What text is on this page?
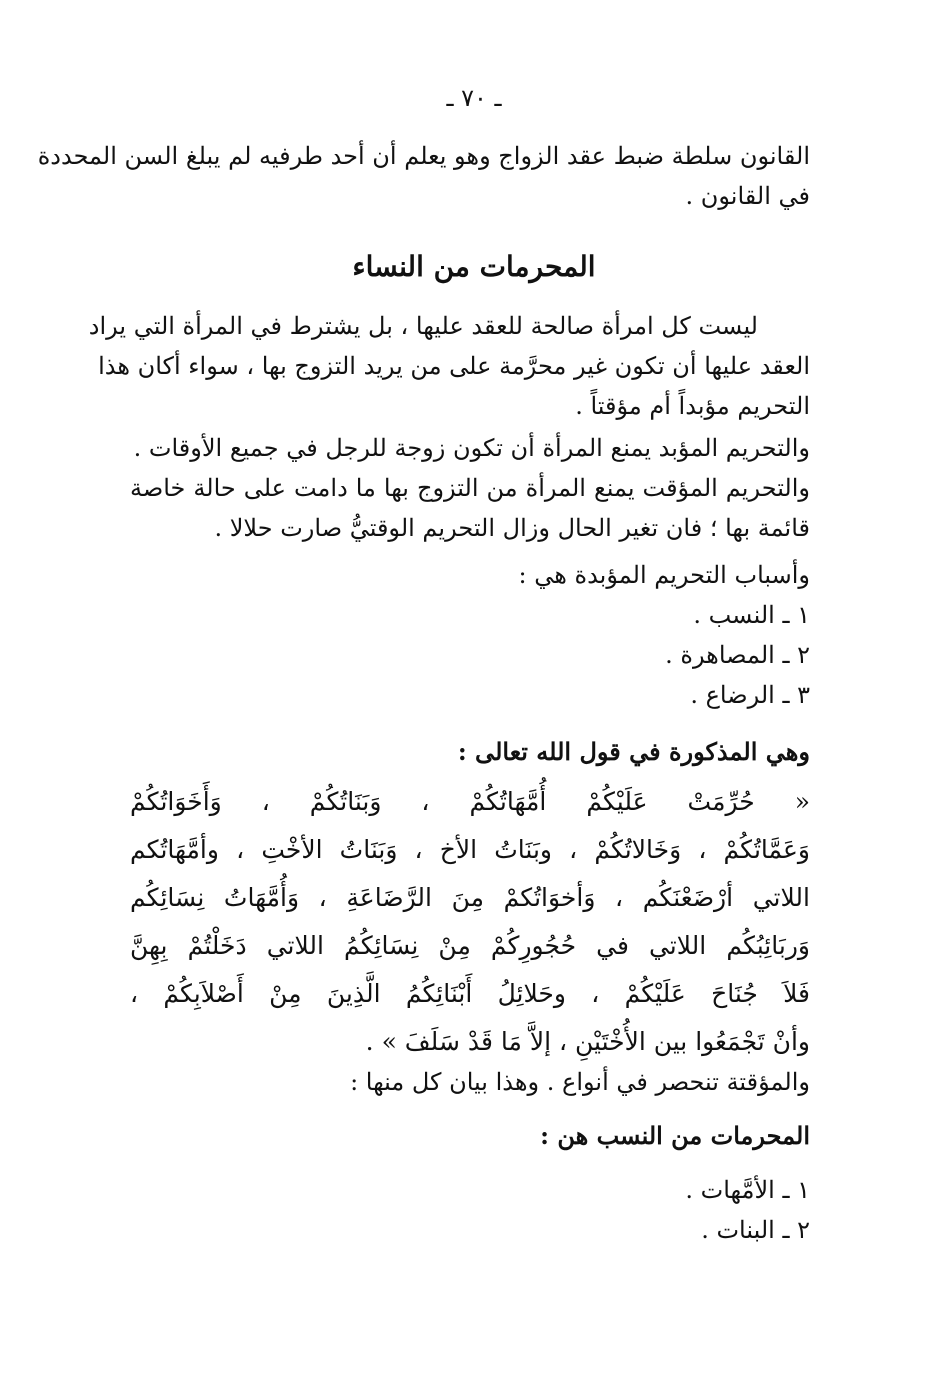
ـ ٧٠ ـ
القانون سلطة ضبط عقد الزواج وهو يعلم أن أحد طرفيه لم يبلغ السن المحددة
في القانون .
المحرمات من النساء
ليست كل امرأة صالحة للعقد عليها ، بل يشترط في المرأة التي يراد
العقد عليها أن تكون غير محرَّمة على من يريد التزوج بها ، سواء أكان هذا
التحريم مؤبداً أم مؤقتاً .
والتحريم المؤبد يمنع المرأة أن تكون زوجة للرجل في جميع الأوقات .
والتحريم المؤقت يمنع المرأة من التزوج بها ما دامت على حالة خاصة
قائمة بها ؛ فان تغير الحال وزال التحريم الوقتيُّ صارت حلالا .
وأسباب التحريم المؤبدة هي :
١ ـ النسب .
٢ ـ المصاهرة .
٣ ـ الرضاع .
وهي المذكورة في قول الله تعالى :
« حُرِّمَتْ عَلَيْكُمْ أُمَّهَاتُكُمْ ، وَبَنَاتُكُمْ ، وَأَخَوَاتُكُمْ
وَعَمَّاتُكُمْ ، وَخَالاتُكُمْ ، وبَنَاتُ الأخ ، وَبَنَاتُ الأخْتِ ، وأمَّهَاتُكم
اللاتي أرْضَعْنَكُم ، وَأخوَاتُكمْ مِنَ الرَّضَاعَةِ ، وَأُمَّهَاتُ نِسَائِكُم
وَربَائِبُكُم اللاتي في حُجُورِكُمْ مِنْ نِسَائِكُمُ اللاتي دَخَلْتُمْ بِهِنَّ
فَلاَ جُنَاحَ عَلَيْكُمْ ، وحَلائِلُ أَبْنَائِكُمُ الَّذِينَ مِنْ أَصْلاَبِكُمْ ،
وأنْ تَجْمَعُوا بين الأُخْتَيْنِ ، إلاَّ مَا قَدْ سَلَفَ » .
والمؤقتة تنحصر في أنواع . وهذا بيان كل منها :
المحرمات من النسب هن :
١ ـ الأمَّهات .
٢ ـ البنات .
